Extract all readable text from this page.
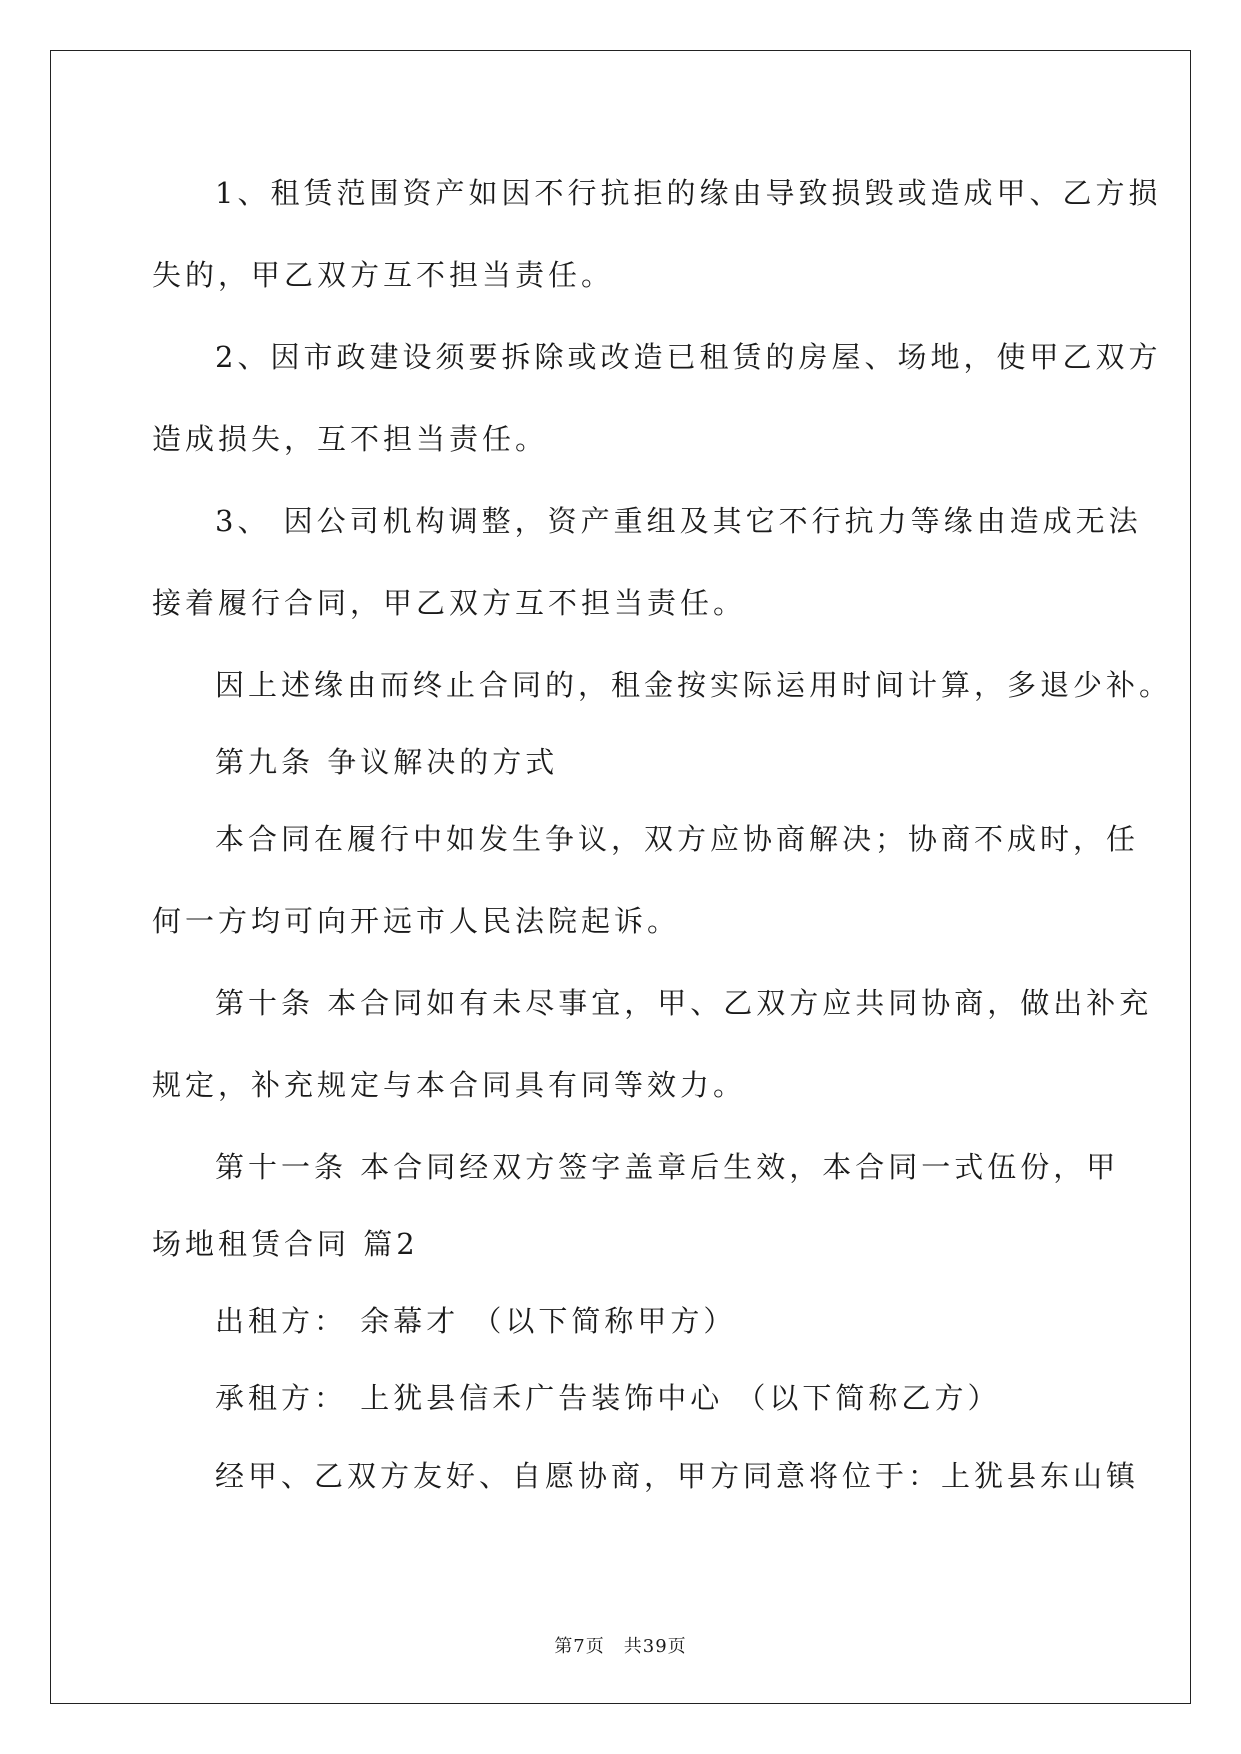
1、租赁范围资产如因不行抗拒的缘由导致损毁或造成甲、乙方损
失的，甲乙双方互不担当责任。
2、因市政建设须要拆除或改造已租赁的房屋、场地，使甲乙双方
造成损失，互不担当责任。
3、 因公司机构调整，资产重组及其它不行抗力等缘由造成无法
接着履行合同，甲乙双方互不担当责任。
因上述缘由而终止合同的，租金按实际运用时间计算，多退少补。
第九条 争议解决的方式
本合同在履行中如发生争议，双方应协商解决；协商不成时，任
何一方均可向开远市人民法院起诉。
第十条 本合同如有未尽事宜，甲、乙双方应共同协商，做出补充
规定，补充规定与本合同具有同等效力。
第十一条 本合同经双方签字盖章后生效，本合同一式伍份，甲
场地租赁合同 篇2
出租方： 余幕才 （以下简称甲方）
承租方： 上犹县信禾广告装饰中心 （以下简称乙方）
经甲、乙双方友好、自愿协商，甲方同意将位于：上犹县东山镇
第7页　共39页
